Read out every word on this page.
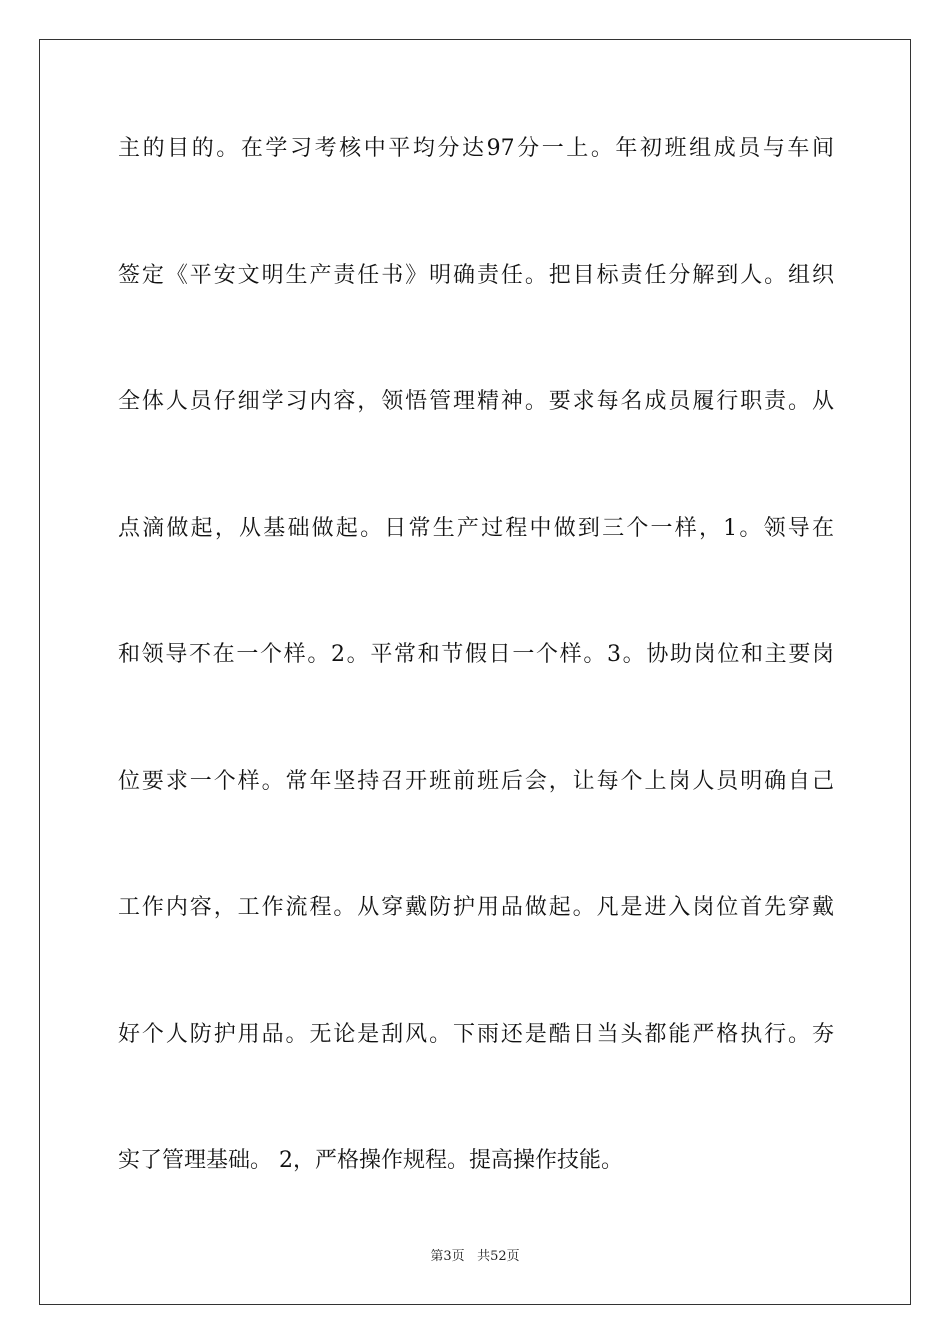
主的目的。在学习考核中平均分达97分一上。年初班组成员与车间
签定《平安文明生产责任书》明确责任。把目标责任分解到人。组织
全体人员仔细学习内容，领悟管理精神。要求每名成员履行职责。从
点滴做起，从基础做起。日常生产过程中做到三个一样，1。领导在
和领导不在一个样。2。平常和节假日一个样。3。协助岗位和主要岗
位要求一个样。常年坚持召开班前班后会，让每个上岗人员明确自己
工作内容，工作流程。从穿戴防护用品做起。凡是进入岗位首先穿戴
好个人防护用品。无论是刮风。下雨还是酷日当头都能严格执行。夯
实了管理基础。 2，严格操作规程。提高操作技能。
第3页 共52页
